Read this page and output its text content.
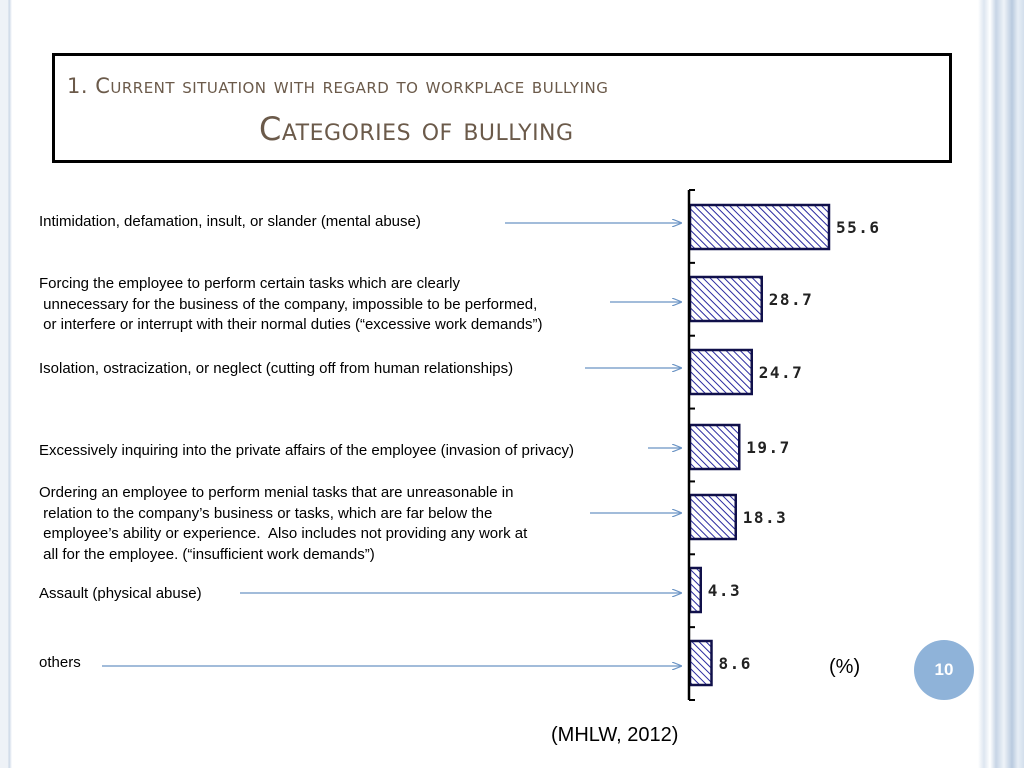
1. Current situation with regard to workplace bullying
Categories of bullying
Intimidation, defamation, insult, or slander (mental abuse)
Forcing the employee to perform certain tasks which are clearly
unnecessary for the business of the company, impossible to be performed,
or interfere or interrupt with their normal duties (“excessive work demands”)
Isolation, ostracization, or neglect (cutting off from human relationships)
Excessively inquiring into the private affairs of the employee (invasion of privacy)
Ordering an employee to perform menial tasks that are unreasonable in
relation to the company’s business or tasks, which are far below the
employee’s ability or experience.  Also includes not providing any work at
all for the employee. (“insufficient work demands”)
Assault (physical abuse)
others
55.6
28.7
24.7
19.7
18.3
4.3
8.6	(%)
(MHLW, 2012)
10
